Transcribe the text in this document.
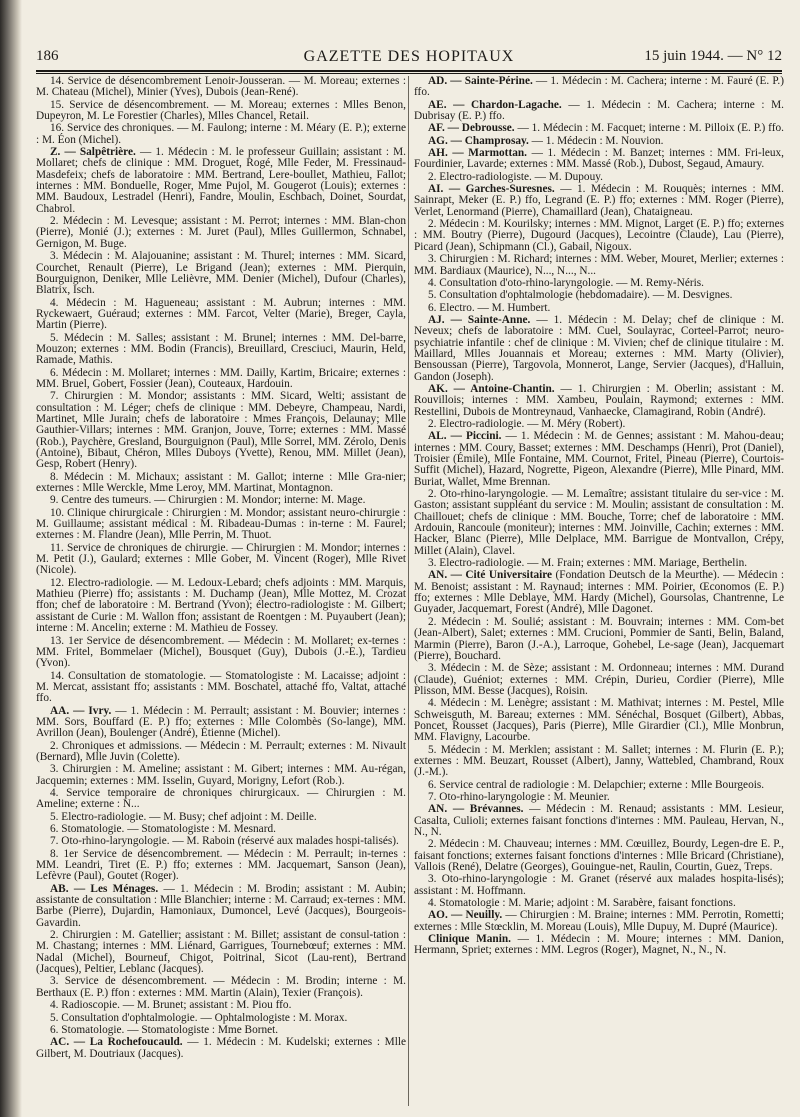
186	GAZETTE DES HOPITAUX	15 juin 1944. — N° 12

14. Service de désencombrement Lenoir-Jousseran. — M. Moreau; externes : M. Chateau (Michel), Minier (Yves), Dubois (Jean-René).

15. Service de désencombrement. — M. Moreau; externes : Mlles Benon, Dupeyron, M. Le Forestier (Charles), Mlles Chancel, Retail.

16. Service des chroniques. — M. Faulong; interne : M. Méary (E. P.); externe : M. Éon (Michel).

Z. — Salpêtrière. — 1. Médecin : M. le professeur Guillain; assistant : M. Mollaret; chefs de clinique : MM. Droguet, Rogé, Mlle Feder, M. Fressinaud-Masdefeix; chefs de laboratoire : MM. Bertrand, Lere-boullet, Mathieu, Fallot; internes : MM. Bonduelle, Roger, Mme Pujol, M. Gougerot (Louis); externes : MM. Baudoux, Lestradel (Henri), Fandre, Moulin, Eschbach, Doinet, Sourdat, Chabrol.

2. Médecin : M. Levesque; assistant : M. Perrot; internes : MM. Blan-chon (Pierre), Monié (J.); externes : M. Juret (Paul), Mlles Guillermon, Schnabel, Gernigon, M. Buge.

3. Médecin : M. Alajouanine; assistant : M. Thurel; internes : MM. Sicard, Courchet, Renault (Pierre), Le Brigand (Jean); externes : MM. Pierquin, Bourguignon, Deniker, Mlle Lelièvre, MM. Denier (Michel), Dufour (Charles), Blatrix, Isch.

4. Médecin : M. Hagueneau; assistant : M. Aubrun; internes : MM. Ryckewaert, Guéraud; externes : MM. Farcot, Velter (Marie), Breger, Cayla, Martin (Pierre).

5. Médecin : M. Salles; assistant : M. Brunel; internes : MM. Del-barre, Mouzon; externes : MM. Bodin (Francis), Breuillard, Cresciuci, Maurin, Held, Ramade, Mathis.

6. Médecin : M. Mollaret; internes : MM. Dailly, Kartim, Bricaire; externes : MM. Bruel, Gobert, Fossier (Jean), Couteaux, Hardouin.

7. Chirurgien : M. Mondor; assistants : MM. Sicard, Welti; assistant de consultation : M. Léger; chefs de clinique : MM. Debeyre, Champeau, Nardi, Martinet, Mlle Jurain; chefs de laboratoire : Mmes François, Delaunay; Mlle Gauthier-Villars; internes : MM. Granjon, Jouve, Torre; externes : MM. Massé (Rob.), Paychère, Gresland, Bourguignon (Paul), Mlle Sorrel, MM. Zérolo, Denis (Antoine), Bibaut, Chéron, Mlles Duboys (Yvette), Renou, MM. Millet (Jean), Gesp, Robert (Henry).

8. Médecin : M. Michaux; assistant : M. Gallot; interne : Mlle Gra-nier; externes : Mlle Werckle, Mme Leroy, MM. Martinat, Montagnon.

9. Centre des tumeurs. — Chirurgien : M. Mondor; interne: M. Mage.

10. Clinique chirurgicale : Chirurgien : M. Mondor; assistant neuro-chirurgie : M. Guillaume; assistant médical : M. Ribadeau-Dumas : in-terne : M. Faurel; externes : M. Flandre (Jean), Mlle Perrin, M. Thuot.

11. Service de chroniques de chirurgie. — Chirurgien : M. Mondor; internes : M. Petit (J.), Gaulard; externes : Mlle Gober, M. Vincent (Roger), Mlle Rivet (Nicole).

12. Electro-radiologie. — M. Ledoux-Lebard; chefs adjoints : MM. Marquis, Mathieu (Pierre) ffo; assistants : M. Duchamp (Jean), Mlle Mottez, M. Crozat ffon; chef de laboratoire : M. Bertrand (Yvon); électro-radiologiste : M. Gilbert; assistant de Curie : M. Wallon ffon; assistant de Roentgen : M. Puyaubert (Jean); interne : M. Ancelin; externe : M. Mathieu de Fossey.

13. 1er Service de désencombrement. — Médecin : M. Mollaret; ex-ternes : MM. Fritel, Bommelaer (Michel), Bousquet (Guy), Dubois (J.-E.), Tardieu (Yvon).

14. Consultation de stomatologie. — Stomatologiste : M. Lacaisse; adjoint : M. Mercat, assistant ffo; assistants : MM. Boschatel, attaché ffo, Valtat, attaché ffo.

AA. — Ivry. — 1. Médecin : M. Perrault; assistant : M. Bouvier; internes : MM. Sors, Bouffard (E. P.) ffo; externes : Mlle Colombès (So-lange), MM. Avrillon (Jean), Boulenger (André), Étienne (Michel).

2. Chroniques et admissions. — Médecin : M. Perrault; externes : M. Nivault (Bernard), Mlle Juvin (Colette).

3. Chirurgien : M. Ameline; assistant : M. Gibert; internes : MM. Au-régan, Jacquemin; externes : MM. Isselin, Guyard, Morigny, Lefort (Rob.).

4. Service temporaire de chroniques chirurgicaux. — Chirurgien : M. Ameline; externe : N...

5. Electro-radiologie. — M. Busy; chef adjoint : M. Deille.

6. Stomatologie. — Stomatologiste : M. Mesnard.

7. Oto-rhino-laryngologie. — M. Raboin (réservé aux malades hospi-talisés).

8. 1er Service de désencombrement. — Médecin : M. Perrault; in-ternes : MM. Leandri, Tiret (E. P.) ffo; externes : MM. Jacquemart, Sanson (Jean), Lefèvre (Paul), Goutet (Roger).

AB. — Les Ménages. — 1. Médecin : M. Brodin; assistant : M. Aubin; assistante de consultation : Mlle Blanchier; interne : M. Carraud; ex-ternes : MM. Barbe (Pierre), Dujardin, Hamoniaux, Dumoncel, Levé (Jacques), Bourgeois-Gavardin.

2. Chirurgien : M. Gatellier; assistant : M. Billet; assistant de consul-tation : M. Chastang; internes : MM. Liénard, Garrigues, Tournebœuf; externes : MM. Nadal (Michel), Bourneuf, Chigot, Poitrinal, Sicot (Lau-rent), Bertrand (Jacques), Peltier, Leblanc (Jacques).

3. Service de désencombrement. — Médecin : M. Brodin; interne : M. Berthaux (E. P.) ffon : externes : MM. Martin (Alain), Texier (François).

4. Radioscopie. — M. Brunet; assistant : M. Piou ffo.

5. Consultation d'ophtalmologie. — Ophtalmologiste : M. Morax.

6. Stomatologie. — Stomatologiste : Mme Bornet.

AC. — La Rochefoucauld. — 1. Médecin : M. Kudelski; externes : Mlle Gilbert, M. Doutriaux (Jacques).

AD. — Sainte-Périne. — 1. Médecin : M. Cachera; interne : M. Fauré (E. P.) ffo.

AE. — Chardon-Lagache. — 1. Médecin : M. Cachera; interne : M. Dubrisay (E. P.) ffo.

AF. — Debrousse. — 1. Médecin : M. Facquet; interne : M. Pilloix (E. P.) ffo.

AG. — Champrosay. — 1. Médecin : M. Nouvion.

AH. — Marmottan. — 1. Médecin : M. Banzet; internes : MM. Fri-leux, Fourdinier, Lavarde; externes : MM. Massé (Rob.), Dubost, Segaud, Amaury.

2. Electro-radiologiste. — M. Dupouy.

AI. — Garches-Suresnes. — 1. Médecin : M. Rouquès; internes : MM. Sainrapt, Meker (E. P.) ffo, Legrand (E. P.) ffo; externes : MM. Roger (Pierre), Verlet, Lenormand (Pierre), Chamaillard (Jean), Chataigneau.

2. Médecin : M. Kourilsky; internes : MM. Mignot, Larget (E. P.) ffo; externes : MM. Boutry (Pierre), Dugourd (Jacques), Lecointre (Claude), Lau (Pierre), Picard (Jean), Schipmann (Cl.), Gabail, Nigoux.

3. Chirurgien : M. Richard; internes : MM. Weber, Mouret, Merlier; externes : MM. Bardiaux (Maurice), N..., N..., N...

4. Consultation d'oto-rhino-laryngologie. — M. Remy-Néris.

5. Consultation d'ophtalmologie (hebdomadaire). — M. Desvignes.

6. Electro. — M. Humbert.

AJ. — Sainte-Anne. — 1. Médecin : M. Delay; chef de clinique : M. Neveux; chefs de laboratoire : MM. Cuel, Soulayrac, Corteel-Parrot; neuro-psychiatrie infantile : chef de clinique : M. Vivien; chef de clinique titulaire : M. Maillard, Mlles Jouannais et Moreau; externes : MM. Marty (Olivier), Bensoussan (Pierre), Targovola, Monnerot, Lange, Servier (Jacques), d'Halluin, Gandon (Joseph).

AK. — Antoine-Chantin. — 1. Chirurgien : M. Oberlin; assistant : M. Rouvillois; internes : MM. Xambeu, Poulain, Raymond; externes : MM. Restellini, Dubois de Montreynaud, Vanhaecke, Clamagirand, Robin (André).

2. Electro-radiologie. — M. Méry (Robert).

AL. — Piccini. — 1. Médecin : M. de Gennes; assistant : M. Mahou-deau; internes : MM. Coury, Basset; externes : MM. Deschamps (Henri), Prot (Daniel), Troisier (Émile), Mlle Fontaine, MM. Cournot, Fritel, Pineau (Pierre), Courtois-Suffit (Michel), Hazard, Nogrette, Pigeon, Alexandre (Pierre), Mlle Pinard, MM. Buriat, Wallet, Mme Brennan.

2. Oto-rhino-laryngologie. — M. Lemaître; assistant titulaire du ser-vice : M. Gaston; assistant suppléant du service : M. Moulin; assistant de consultation : M. Chaillouet; chefs de clinique : MM. Bouche, Torre; chef de laboratoire : MM. Ardouin, Rancoule (moniteur); internes : MM. Joinville, Cachin; externes : MM. Hacker, Blanc (Pierre), Mlle Delplace, MM. Barrigue de Montvallon, Crépy, Millet (Alain), Clavel.

3. Electro-radiologie. — M. Frain; externes : MM. Mariage, Berthelin.

AN. — Cité Universitaire (Fondation Deutsch de la Meurthe). — Médecin : M. Benoist; assistant : M. Raynaud; internes : MM. Poirier, Œconomos (E. P.) ffo; externes : Mlle Deblaye, MM. Hardy (Michel), Goursolas, Chantrenne, Le Guyader, Jacquemart, Forest (André), Mlle Dagonet.

2. Médecin : M. Soulié; assistant : M. Bouvrain; internes : MM. Com-bet (Jean-Albert), Salet; externes : MM. Crucioni, Pommier de Santi, Belin, Baland, Marmin (Pierre), Baron (J.-A.), Larroque, Gohebel, Le-sage (Jean), Jacquemart (Pierre), Bouchard.

3. Médecin : M. de Sèze; assistant : M. Ordonneau; internes : MM. Durand (Claude), Guéniot; externes : MM. Crépin, Durieu, Cordier (Pierre), Mlle Plisson, MM. Besse (Jacques), Roisin.

4. Médecin : M. Lenègre; assistant : M. Mathivat; internes : M. Pestel, Mlle Schweisguth, M. Bareau; externes : MM. Sénéchal, Bosquet (Gilbert), Abbas, Poncet, Rousset (Jacques), Paris (Pierre), Mlle Girardier (Cl.), Mlle Monbrun, MM. Flavigny, Lacourbe.

5. Médecin : M. Merklen; assistant : M. Sallet; internes : M. Flurin (E. P.); externes : MM. Beuzart, Rousset (Albert), Janny, Wattebled, Chambrand, Roux (J.-M.).

6. Service central de radiologie : M. Delapchier; externe : Mlle Bourgeois.

7. Oto-rhino-laryngologie : M. Meunier.

AN. — Brévannes. — Médecin : M. Renaud; assistants : MM. Lesieur, Casalta, Culioli; externes faisant fonctions d'internes : MM. Pauleau, Hervan, N., N., N.

2. Médecin : M. Chauveau; internes : MM. Cœuillez, Bourdy, Legen-dre E. P., faisant fonctions; externes faisant fonctions d'internes : Mlle Bricard (Christiane), Vallois (René), Delatre (Georges), Gouingue-net, Raulin, Courtin, Guez, Treps.

3. Oto-rhino-laryngologie : M. Granet (réservé aux malades hospita-lisés); assistant : M. Hoffmann.

4. Stomatologie : M. Marie; adjoint : M. Sarabère, faisant fonctions.

AO. — Neuilly. — Chirurgien : M. Braine; internes : MM. Perrotin, Rometti; externes : Mlle Stœcklin, M. Moreau (Louis), Mlle Dupuy, M. Dupré (Maurice).

Clinique Manin. — 1. Médecin : M. Moure; internes : MM. Danion, Hermann, Spriet; externes : MM. Legros (Roger), Magnet, N., N., N.
